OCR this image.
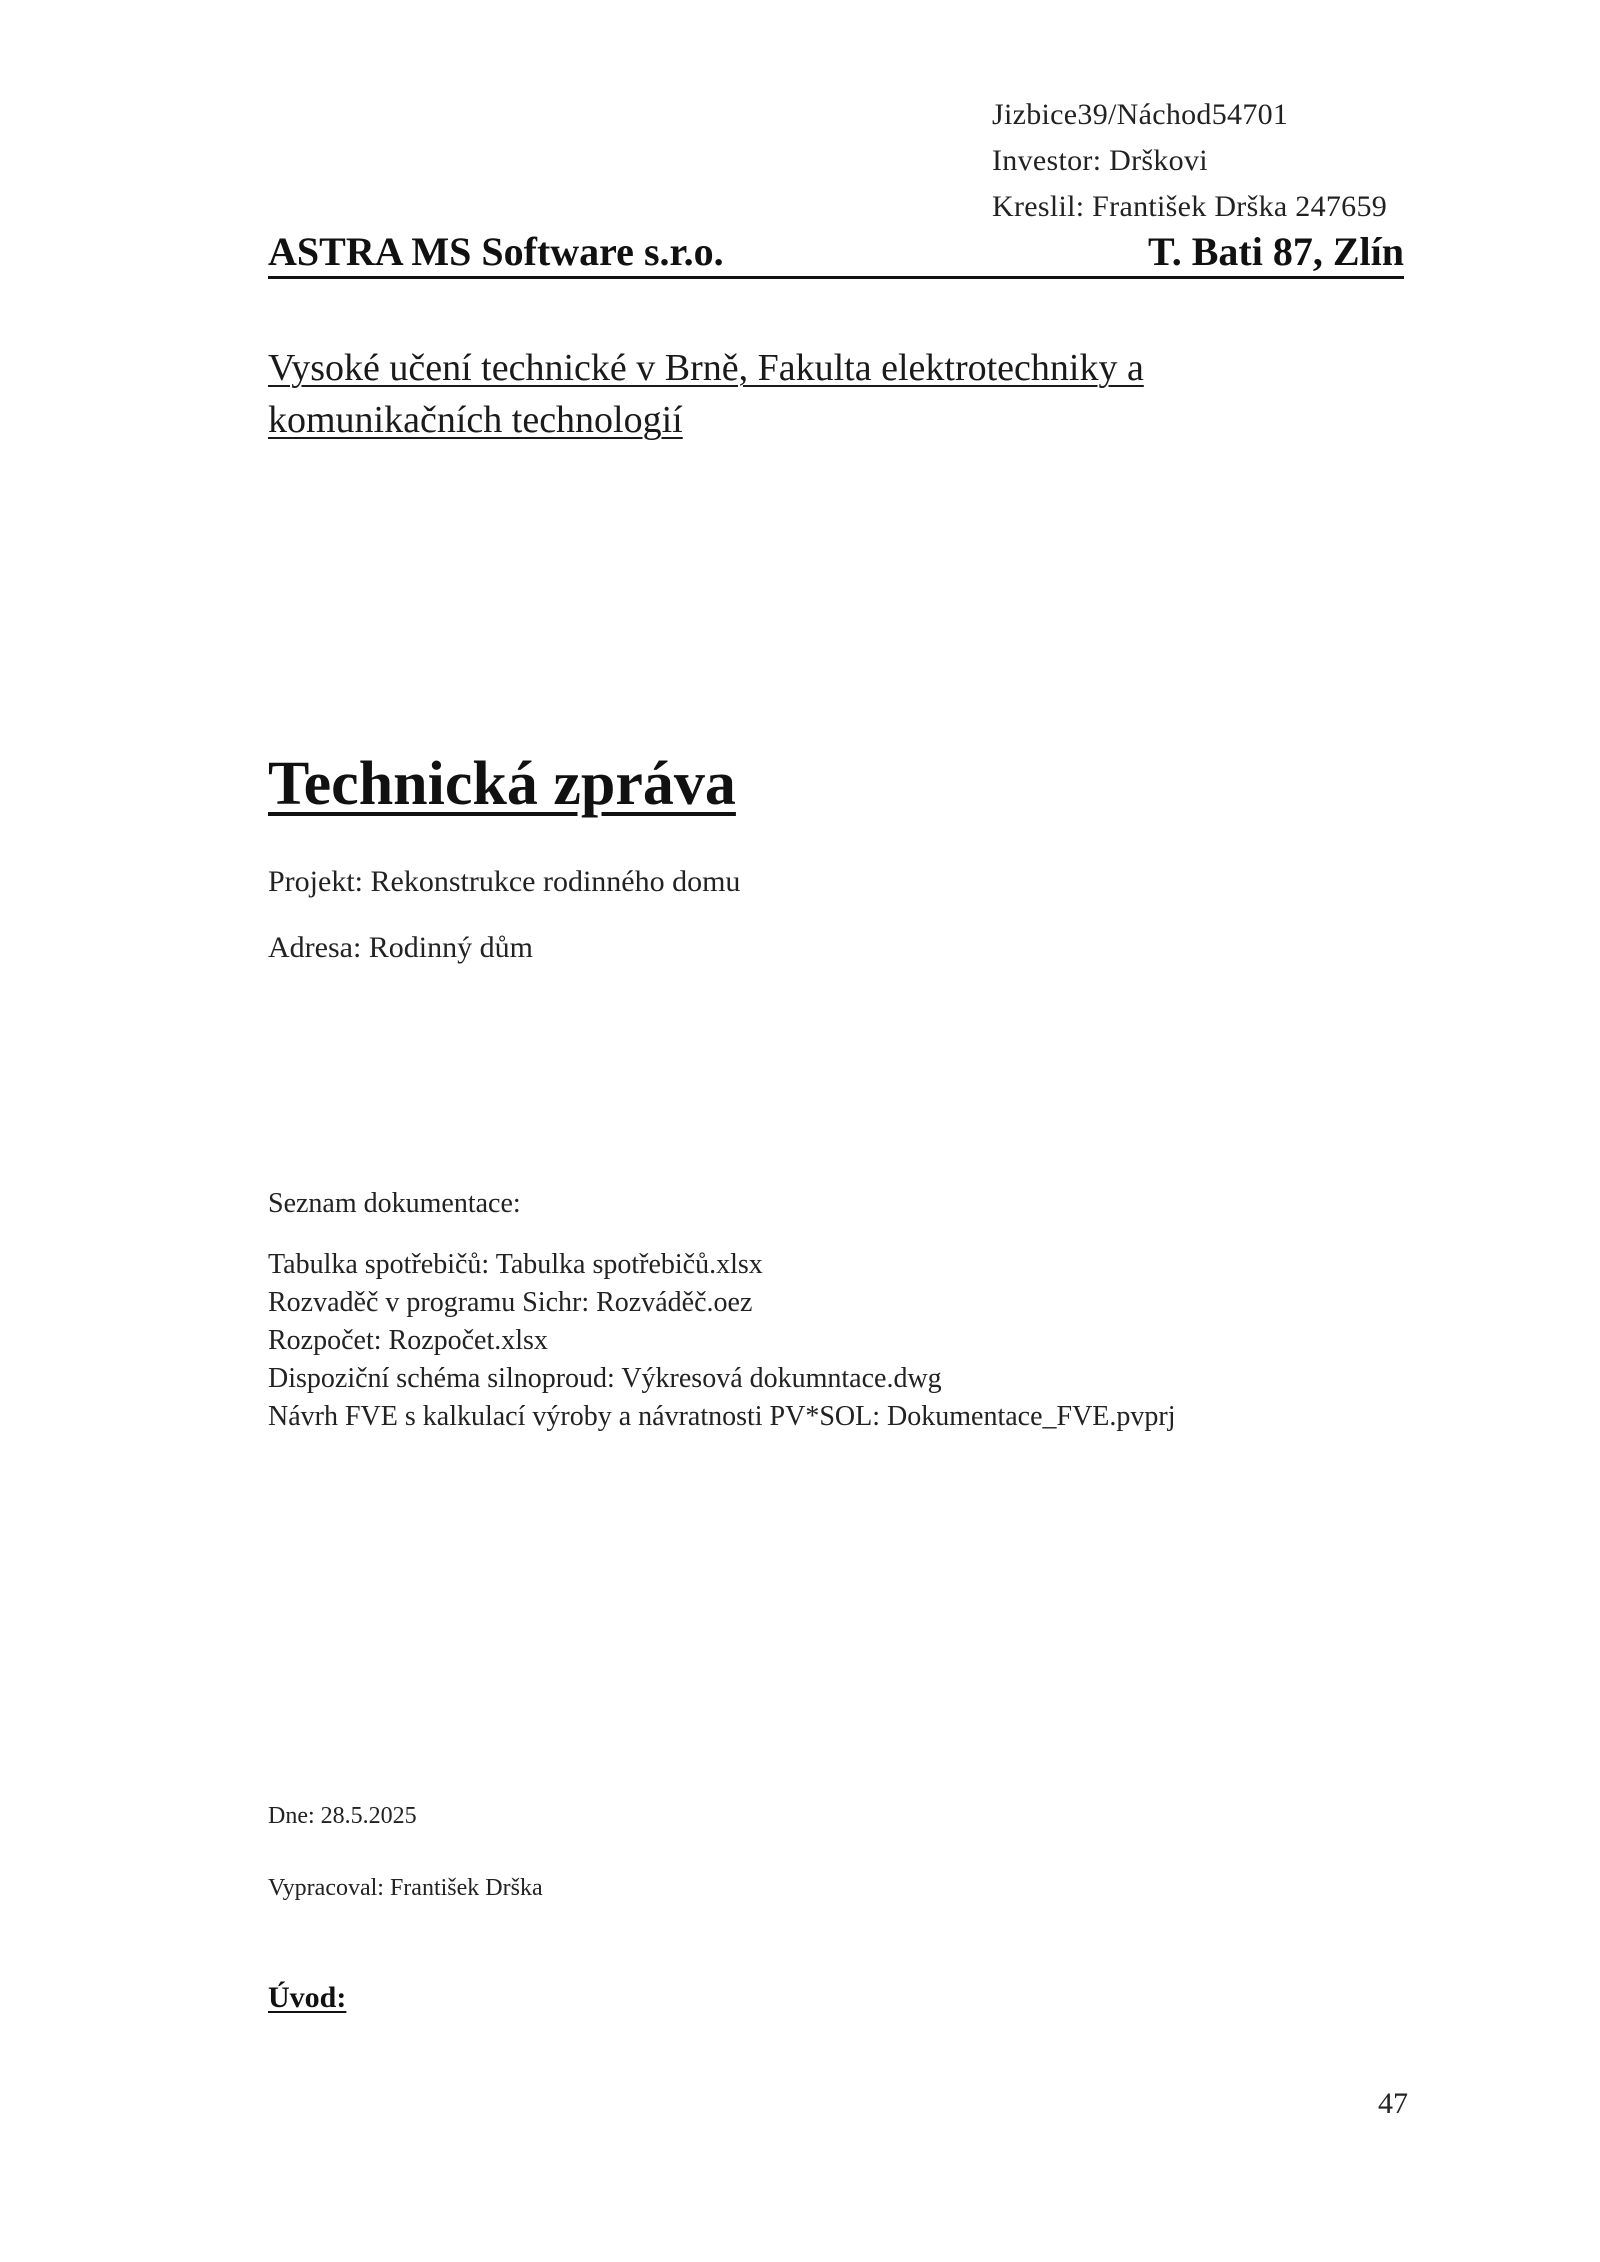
Jizbice39/Náchod54701
Investor: Drškovi
Kreslil: František Drška 247659
ASTRA MS Software s.r.o.	T. Bati 87, Zlín
Vysoké učení technické v Brně, Fakulta elektrotechniky a komunikačních technologií
Technická zpráva
Projekt: Rekonstrukce rodinného domu
Adresa: Rodinný dům
Seznam dokumentace:
Tabulka spotřebičů: Tabulka spotřebičů.xlsx
Rozvaděč v programu Sichr: Rozváděč.oez
Rozpočet: Rozpočet.xlsx
Dispoziční schéma silnoproud: Výkresová dokumntace.dwg
Návrh FVE s kalkulací výroby a návratnosti PV*SOL: Dokumentace_FVE.pvprj
Dne: 28.5.2025
Vypracoval: František Drška
Úvod:
47
